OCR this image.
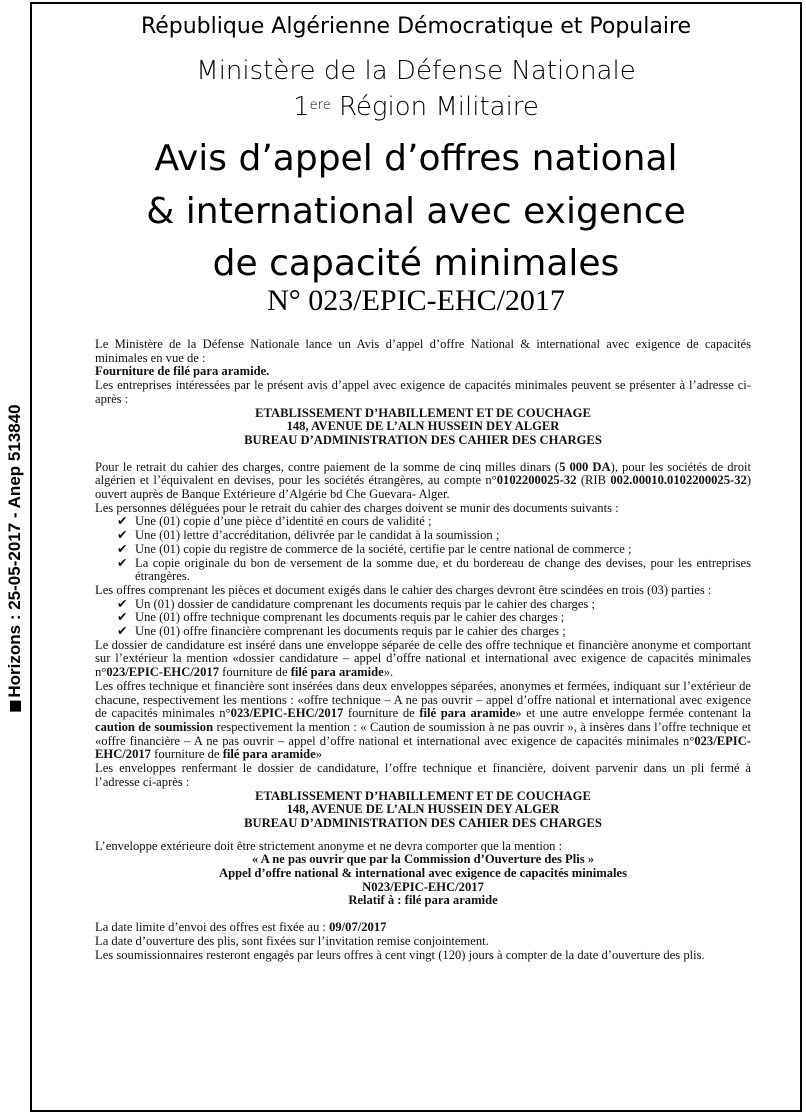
Horizons : 25-05-2017 - Anep 513840
République Algérienne Démocratique et Populaire
Ministère de la Défense Nationale
1ere Région Militaire
Avis d’appel d’offres national
& international avec exigence
de capacité minimales
N° 023/EPIC-EHC/2017

Le Ministère de la Défense Nationale lance un Avis d’appel d’offre National & international avec exigence de capacités minimales en vue de :

Fourniture de filé para aramide.

Les entreprises intéressées par le présent avis d’appel avec exigence de capacités minimales peuvent se présenter à l’adresse ci-après :

ETABLISSEMENT D’HABILLEMENT ET DE COUCHAGE

148, AVENUE DE L’ALN HUSSEIN DEY ALGER

BUREAU D’ADMINISTRATION DES CAHIER DES CHARGES

Pour le retrait du cahier des charges, contre paiement de la somme de cinq milles dinars (5 000 DA), pour les sociétés de droit algérien et l’équivalent en devises, pour les sociétés étrangères, au compte n°0102200025-32 (RIB 002.00010.0102200025-32) ouvert auprès de Banque Extérieure d’Algérie bd Che Guevara- Alger.

Les personnes déléguées pour le retrait du cahier des charges doivent se munir des documents suivants :

✔ Une (01) copie d’une pièce d’identité en cours de validité ;
✔ Une (01) lettre d’accréditation, délivrée par le candidat à la soumission ;
✔ Une (01) copie du registre de commerce de la société, certifie par le centre national de commerce ;
✔ La copie originale du bon de versement de la somme due, et du bordereau de change des devises, pour les entreprises étrangères.

Les offres comprenant les pièces et document exigés dans le cahier des charges devront être scindées en trois (03) parties :

✔ Un (01) dossier de candidature comprenant les documents requis par le cahier des charges ;
✔ Une (01) offre technique comprenant les documents requis par le cahier des charges ;
✔ Une (01) offre financière comprenant les documents requis par le cahier des charges ;

Le dossier de candidature est inséré dans une enveloppe séparée de celle des offre technique et financière anonyme et comportant sur l’extérieur la mention «dossier candidature – appel d’offre national et international avec exigence de capacités minimales n°023/EPIC-EHC/2017 fourniture de filé para aramide».

Les offres technique et financière sont insérées dans deux enveloppes séparées, anonymes et fermées, indiquant sur l’extérieur de chacune, respectivement les mentions : «offre technique – A ne pas ouvrir – appel d’offre national et international avec exigence de capacités minimales n°023/EPIC-EHC/2017 fourniture de filé para aramide» et une autre enveloppe fermée contenant la caution de soumission respectivement la mention : « Caution de soumission à ne pas ouvrir », à insères dans l’offre technique et «offre financière – A ne pas ouvrir – appel d’offre national et international avec exigence de capacités minimales n°023/EPIC-EHC/2017 fourniture de filé para aramide»

Les enveloppes renfermant le dossier de candidature, l’offre technique et financière, doivent parvenir dans un pli fermé à l’adresse ci-après :

ETABLISSEMENT D’HABILLEMENT ET DE COUCHAGE

148, AVENUE DE L’ALN HUSSEIN DEY ALGER

BUREAU D’ADMINISTRATION DES CAHIER DES CHARGES

L’enveloppe extérieure doit être strictement anonyme et ne devra comporter que la mention :

« A ne pas ouvrir que par la Commission d’Ouverture des Plis »

Appel d’offre national & international avec exigence de capacités minimales

N023/EPIC-EHC/2017

Relatif à : filé para aramide

La date limite d’envoi des offres est fixée au : 09/07/2017

La date d’ouverture des plis, sont fixées sur l’invitation remise conjointement.

Les soumissionnaires resteront engagés par leurs offres à cent vingt (120) jours à compter de la date d’ouverture des plis.
